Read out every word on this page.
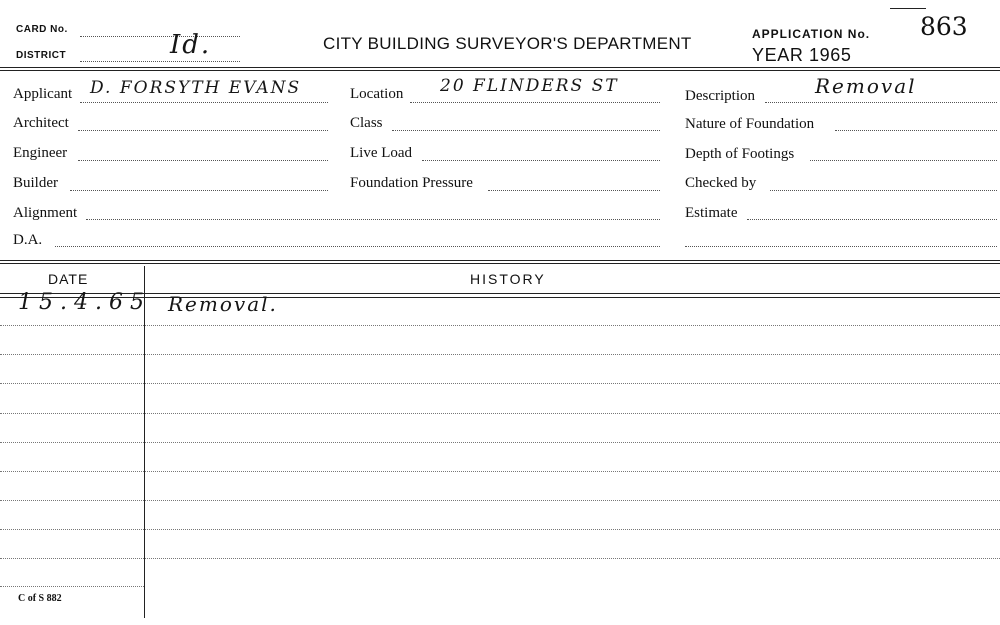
CARD No.
DISTRICT	Id.	CITY BUILDING SURVEYOR'S DEPARTMENT	APPLICATION No. 863
YEAR 1965
Applicant D. FORSYTH EVANS	Location 20 FLINDERS ST	Description	Removal
Architect	Class	Nature of Foundation
Engineer	Live Load	Depth of Footings
Builder	Foundation Pressure	Checked by
Alignment	Estimate
D.A.
DATE	HISTORY
15.4.65 Removal.
C of S 882
